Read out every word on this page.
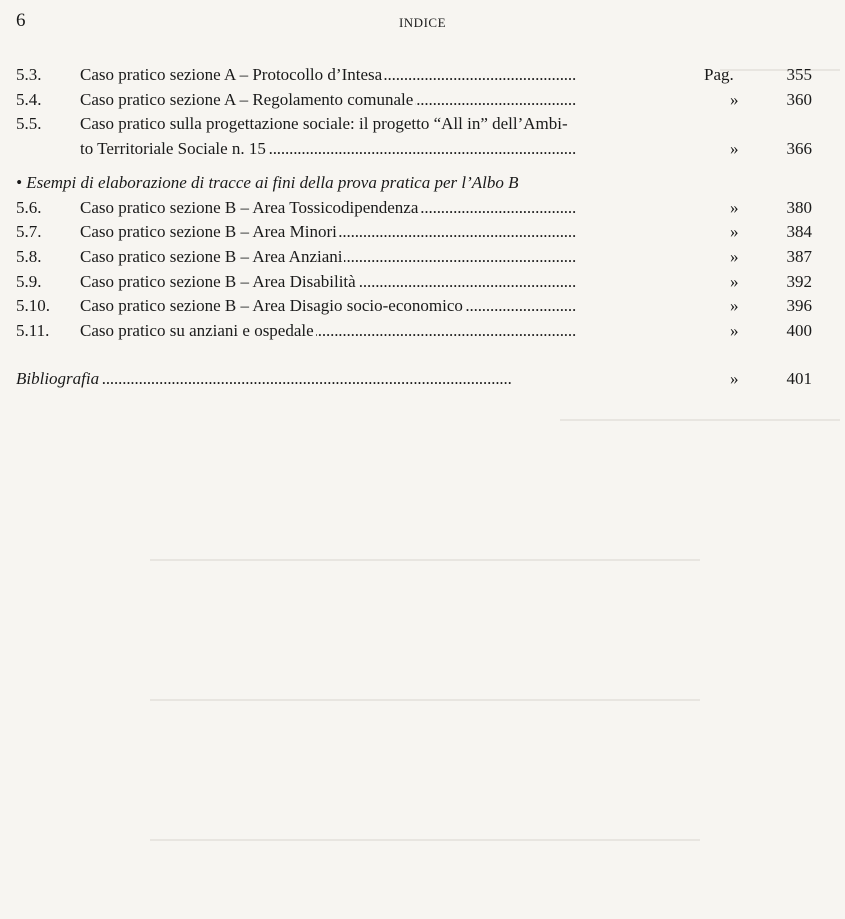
6	INDICE
5.3. Caso pratico sezione A – Protocollo d’Intesa . . .	Pag.	355
5.4. Caso pratico sezione A – Regolamento comunale . . .	»	360
5.5. Caso pratico sulla progettazione sociale: il progetto “All in” dell’Ambi-
to Territoriale Sociale n. 15 . . .	»	366
• Esempi di elaborazione di tracce ai fini della prova pratica per l’Albo B
5.6. Caso pratico sezione B – Area Tossicodipendenza . . .	»	380
5.7. Caso pratico sezione B – Area Minori . . .	»	384
5.8. Caso pratico sezione B – Area Anziani . . .	»	387
5.9. Caso pratico sezione B – Area Disabilità . . .	»	392
5.10. Caso pratico sezione B – Area Disagio socio-economico . . .	»	396
5.11. Caso pratico su anziani e ospedale . . .	»	400
Bibliografia . . .	»	401
